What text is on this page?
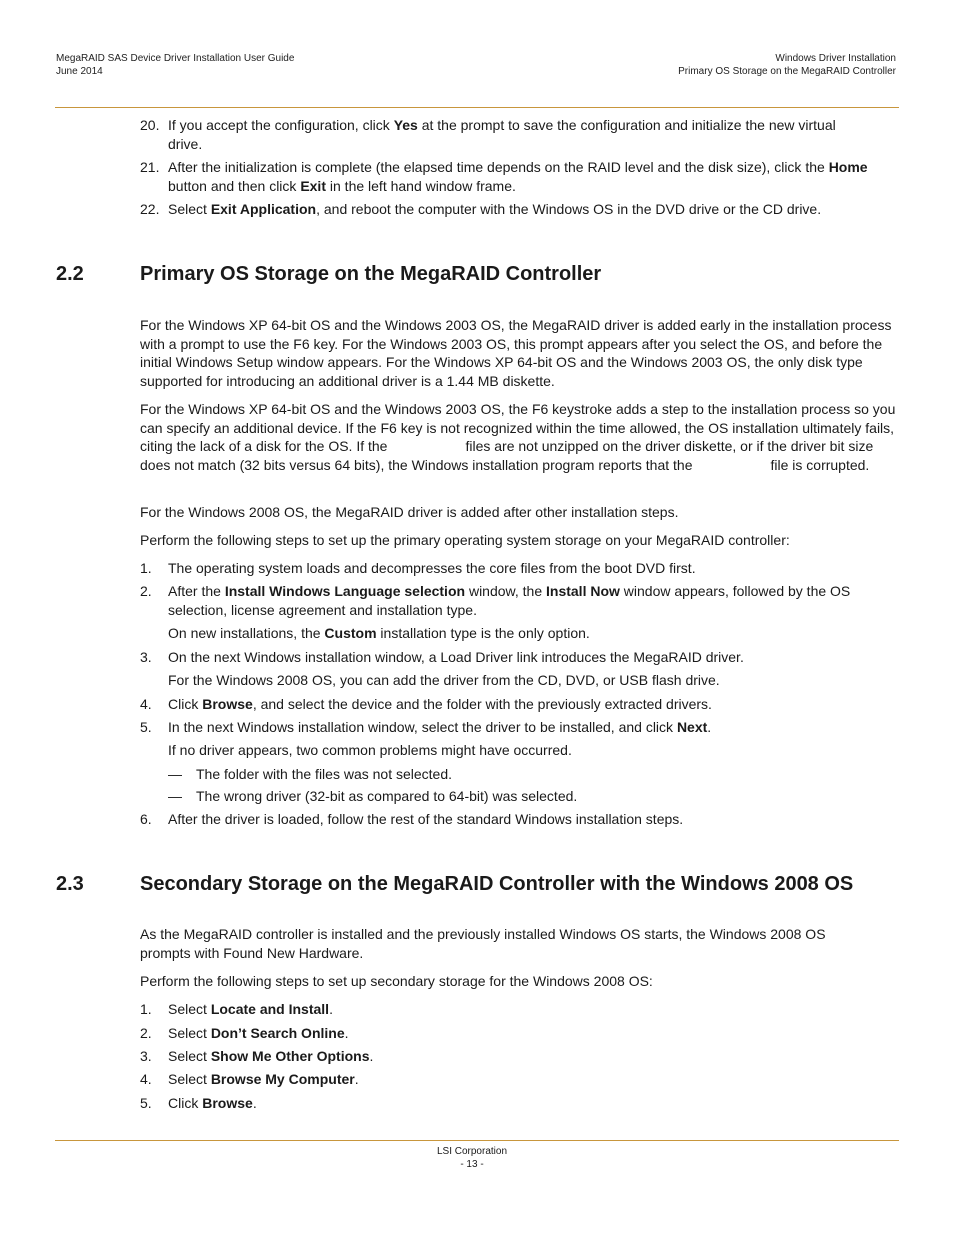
MegaRAID SAS Device Driver Installation User Guide
June 2014
Windows Driver Installation
Primary OS Storage on the MegaRAID Controller
20. If you accept the configuration, click Yes at the prompt to save the configuration and initialize the new virtual drive.
21. After the initialization is complete (the elapsed time depends on the RAID level and the disk size), click the Home button and then click Exit in the left hand window frame.
22. Select Exit Application, and reboot the computer with the Windows OS in the DVD drive or the CD drive.
2.2	Primary OS Storage on the MegaRAID Controller
For the Windows XP 64-bit OS and the Windows 2003 OS, the MegaRAID driver is added early in the installation process with a prompt to use the F6 key. For the Windows 2003 OS, this prompt appears after you select the OS, and before the initial Windows Setup window appears. For the Windows XP 64-bit OS and the Windows 2003 OS, the only disk type supported for introducing an additional driver is a 1.44 MB diskette.
For the Windows XP 64-bit OS and the Windows 2003 OS, the F6 keystroke adds a step to the installation process so you can specify an additional device. If the F6 key is not recognized within the time allowed, the OS installation ultimately fails, citing the lack of a disk for the OS. If the	files are not unzipped on the driver diskette, or if the driver bit size does not match (32 bits versus 64 bits), the Windows installation program reports that the	file is corrupted.
For the Windows 2008 OS, the MegaRAID driver is added after other installation steps.
Perform the following steps to set up the primary operating system storage on your MegaRAID controller:
1.	The operating system loads and decompresses the core files from the boot DVD first.
2.	After the Install Windows Language selection window, the Install Now window appears, followed by the OS selection, license agreement and installation type.
On new installations, the Custom installation type is the only option.
3.	On the next Windows installation window, a Load Driver link introduces the MegaRAID driver.
For the Windows 2008 OS, you can add the driver from the CD, DVD, or USB flash drive.
4.	Click Browse, and select the device and the folder with the previously extracted drivers.
5.	In the next Windows installation window, select the driver to be installed, and click Next.
If no driver appears, two common problems might have occurred.
— The folder with the files was not selected.
— The wrong driver (32-bit as compared to 64-bit) was selected.
6.	After the driver is loaded, follow the rest of the standard Windows installation steps.
2.3	Secondary Storage on the MegaRAID Controller with the Windows 2008 OS
As the MegaRAID controller is installed and the previously installed Windows OS starts, the Windows 2008 OS prompts with Found New Hardware.
Perform the following steps to set up secondary storage for the Windows 2008 OS:
1.	Select Locate and Install.
2.	Select Don’t Search Online.
3.	Select Show Me Other Options.
4.	Select Browse My Computer.
5.	Click Browse.
LSI Corporation
- 13 -
